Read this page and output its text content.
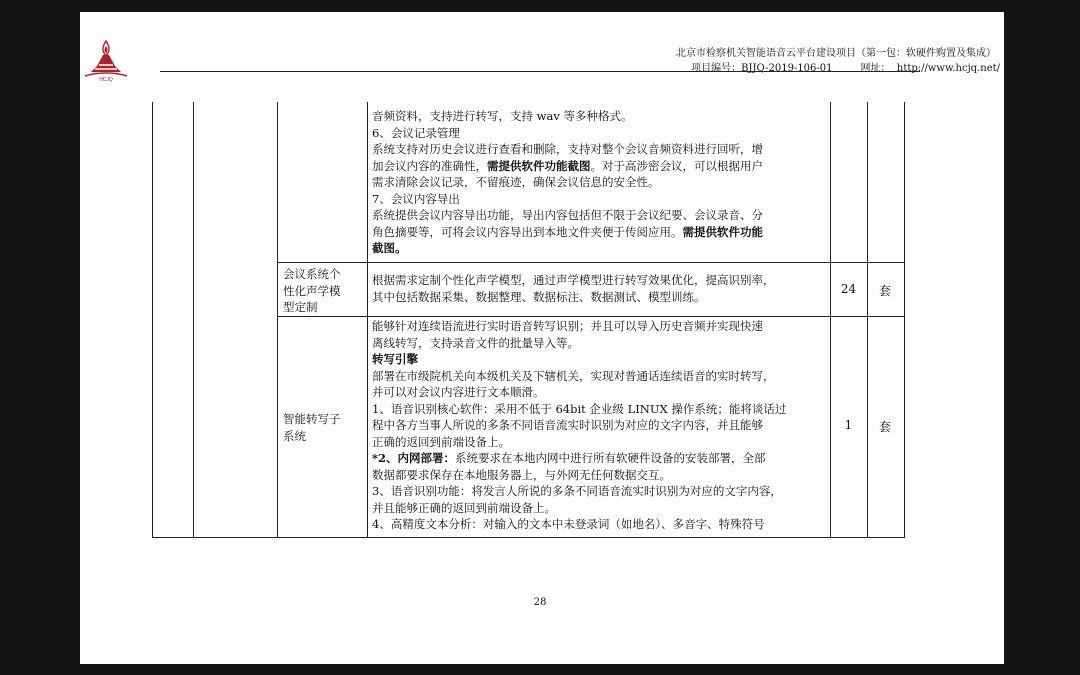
HCJQ
北京市检察机关智能语音云平台建设项目（第一包：软硬件购置及集成）
项目编号：BJJQ-2019-106-01	网址： http://www.hcjq.net/

音频资料，支持进行转写，支持 wav 等多种格式。

6、会议记录管理

系统支持对历史会议进行查看和删除，支持对整个会议音频资料进行回听，增

加会议内容的准确性，需提供软件功能截图。对于高涉密会议，可以根据用户

需求清除会议记录，不留痕迹，确保会议信息的安全性。

7、会议内容导出

系统提供会议内容导出功能，导出内容包括但不限于会议纪要、会议录音、分

角色摘要等，可将会议内容导出到本地文件夹便于传阅应用。需提供软件功能

截图。

会议系统个

性化声学模

型定制

根据需求定制个性化声学模型，通过声学模型进行转写效果优化，提高识别率，

其中包括数据采集、数据整理、数据标注、数据测试、模型训练。

24	套

智能转写子

系统

能够针对连续语流进行实时语音转写识别；并且可以导入历史音频并实现快速

离线转写，支持录音文件的批量导入等。

转写引擎

部署在市级院机关向本级机关及下辖机关，实现对普通话连续语音的实时转写，

并可以对会议内容进行文本顺滑。

1、语音识别核心软件：采用不低于 64bit 企业级 LINUX 操作系统；能将谈话过

程中各方当事人所说的多条不同语音流实时识别为对应的文字内容，并且能够

正确的返回到前端设备上。

*2、内网部署：系统要求在本地内网中进行所有软硬件设备的安装部署，全部

数据都要求保存在本地服务器上，与外网无任何数据交互。

3、语音识别功能：将发言人所说的多条不同语音流实时识别为对应的文字内容，

并且能够正确的返回到前端设备上。

4、高精度文本分析：对输入的文本中未登录词（如地名）、多音字、特殊符号

1	套
28
